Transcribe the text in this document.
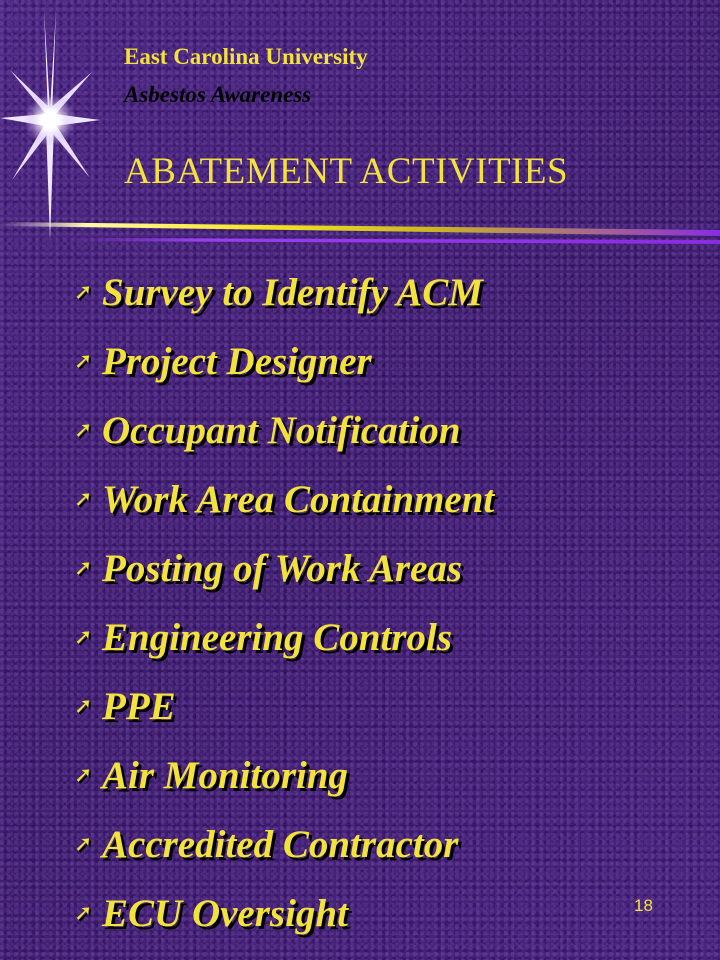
East Carolina University
Asbestos Awareness
ABATEMENT ACTIVITIES
➚ Survey to Identify ACM
➚ Project Designer
➚ Occupant Notification
➚ Work Area Containment
➚ Posting of Work Areas
➚ Engineering Controls
➚ PPE
➚ Air Monitoring
➚ Accredited Contractor
➚ ECU Oversight	18
